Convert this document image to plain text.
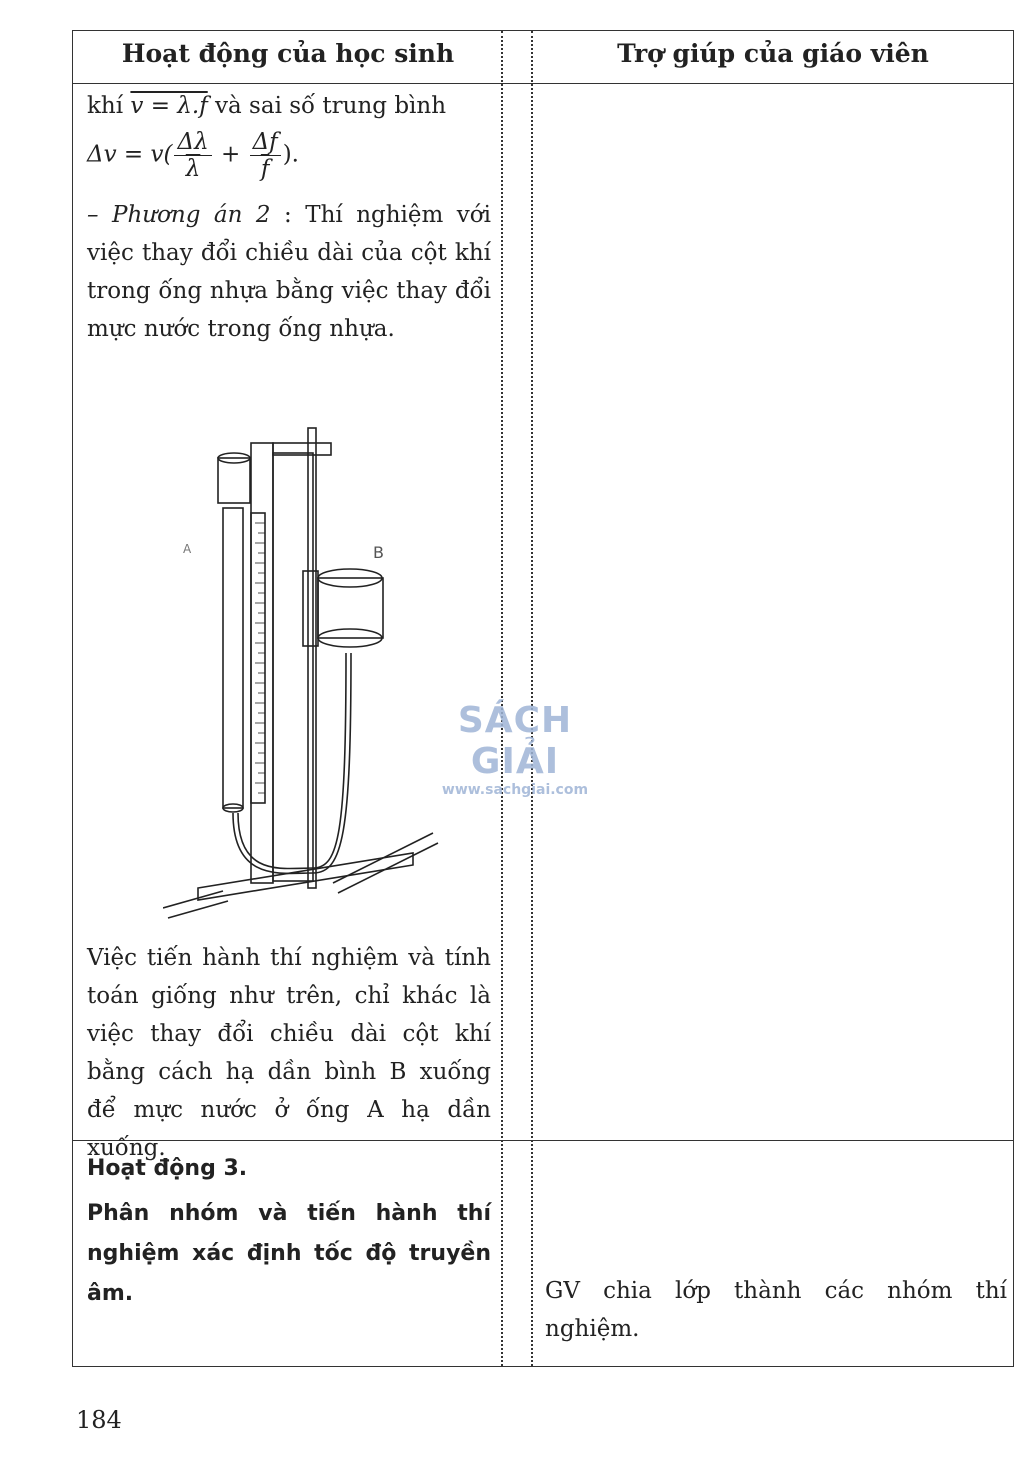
Hoạt động của học sinh	Trợ giúp của giáo viên

khí v = λ.f và sai số trung bình

$\Delta v = v( \frac{\Delta\lambda}{\lambda} + \frac{\Delta f}{f}$ ).

– Phương án 2 : Thí nghiệm với việc thay đổi chiều dài của cột khí trong ống nhựa bằng việc thay đổi mực nước trong ống nhựa.

A	B

Việc tiến hành thí nghiệm và tính toán giống như trên, chỉ khác là việc thay đổi chiều dài cột khí bằng cách hạ dần bình B xuống để mực nước ở ống A hạ dần xuống.

Hoạt động 3.

Phân nhóm và tiến hành thí nghiệm xác định tốc độ truyền âm.	GV chia lớp thành các nhóm thí nghiệm.
SÁCH GIẢI
www.sachgiai.com
184
